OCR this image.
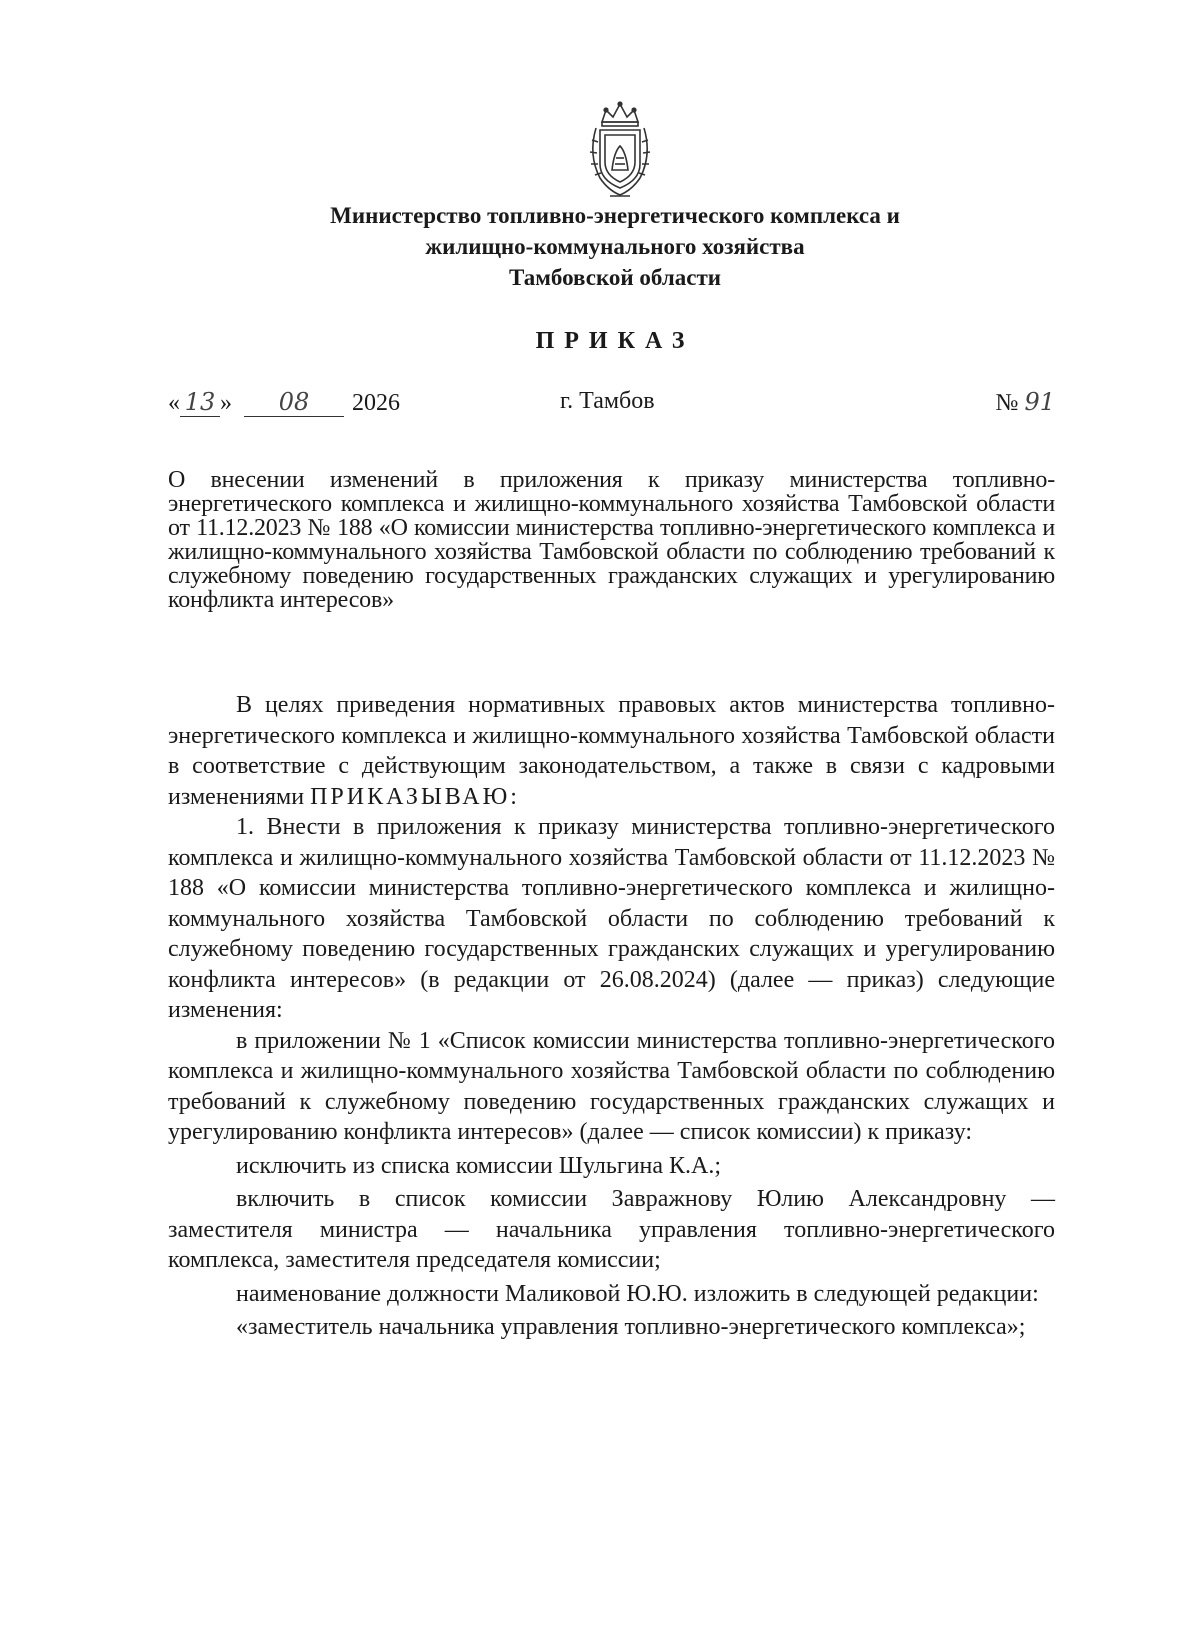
Министерство топливно-энергетического комплекса и
жилищно-коммунального хозяйства
Тамбовской области
ПРИКАЗ
« 13 » 08 2026	г. Тамбов	№ 91
О внесении изменений в приложения к приказу министерства топливно-энергетического комплекса и жилищно-коммунального хозяйства Тамбовской области от 11.12.2023 № 188 «О комиссии министерства топливно-энергетического комплекса и жилищно-коммунального хозяйства Тамбовской области по соблюдению требований к служебному поведению государственных гражданских служащих и урегулированию конфликта интересов»

В целях приведения нормативных правовых актов министерства топливно-энергетического комплекса и жилищно-коммунального хозяйства Тамбовской области в соответствие с действующим законодательством, а также в связи с кадровыми изменениями ПРИКАЗЫВАЮ:

1. Внести в приложения к приказу министерства топливно-энергетического комплекса и жилищно-коммунального хозяйства Тамбовской области от 11.12.2023 № 188 «О комиссии министерства топливно-энергетического комплекса и жилищно-коммунального хозяйства Тамбовской области по соблюдению требований к служебному поведению государственных гражданских служащих и урегулированию конфликта интересов» (в редакции от 26.08.2024) (далее — приказ) следующие изменения:

в приложении № 1 «Список комиссии министерства топливно-энергетического комплекса и жилищно-коммунального хозяйства Тамбовской области по соблюдению требований к служебному поведению государственных гражданских служащих и урегулированию конфликта интересов» (далее — список комиссии) к приказу:

исключить из списка комиссии Шульгина К.А.;

включить в список комиссии Завражнову Юлию Александровну — заместителя министра — начальника управления топливно-энергетического комплекса, заместителя председателя комиссии;

наименование должности Маликовой Ю.Ю. изложить в следующей редакции:

«заместитель начальника управления топливно-энергетического комплекса»;
